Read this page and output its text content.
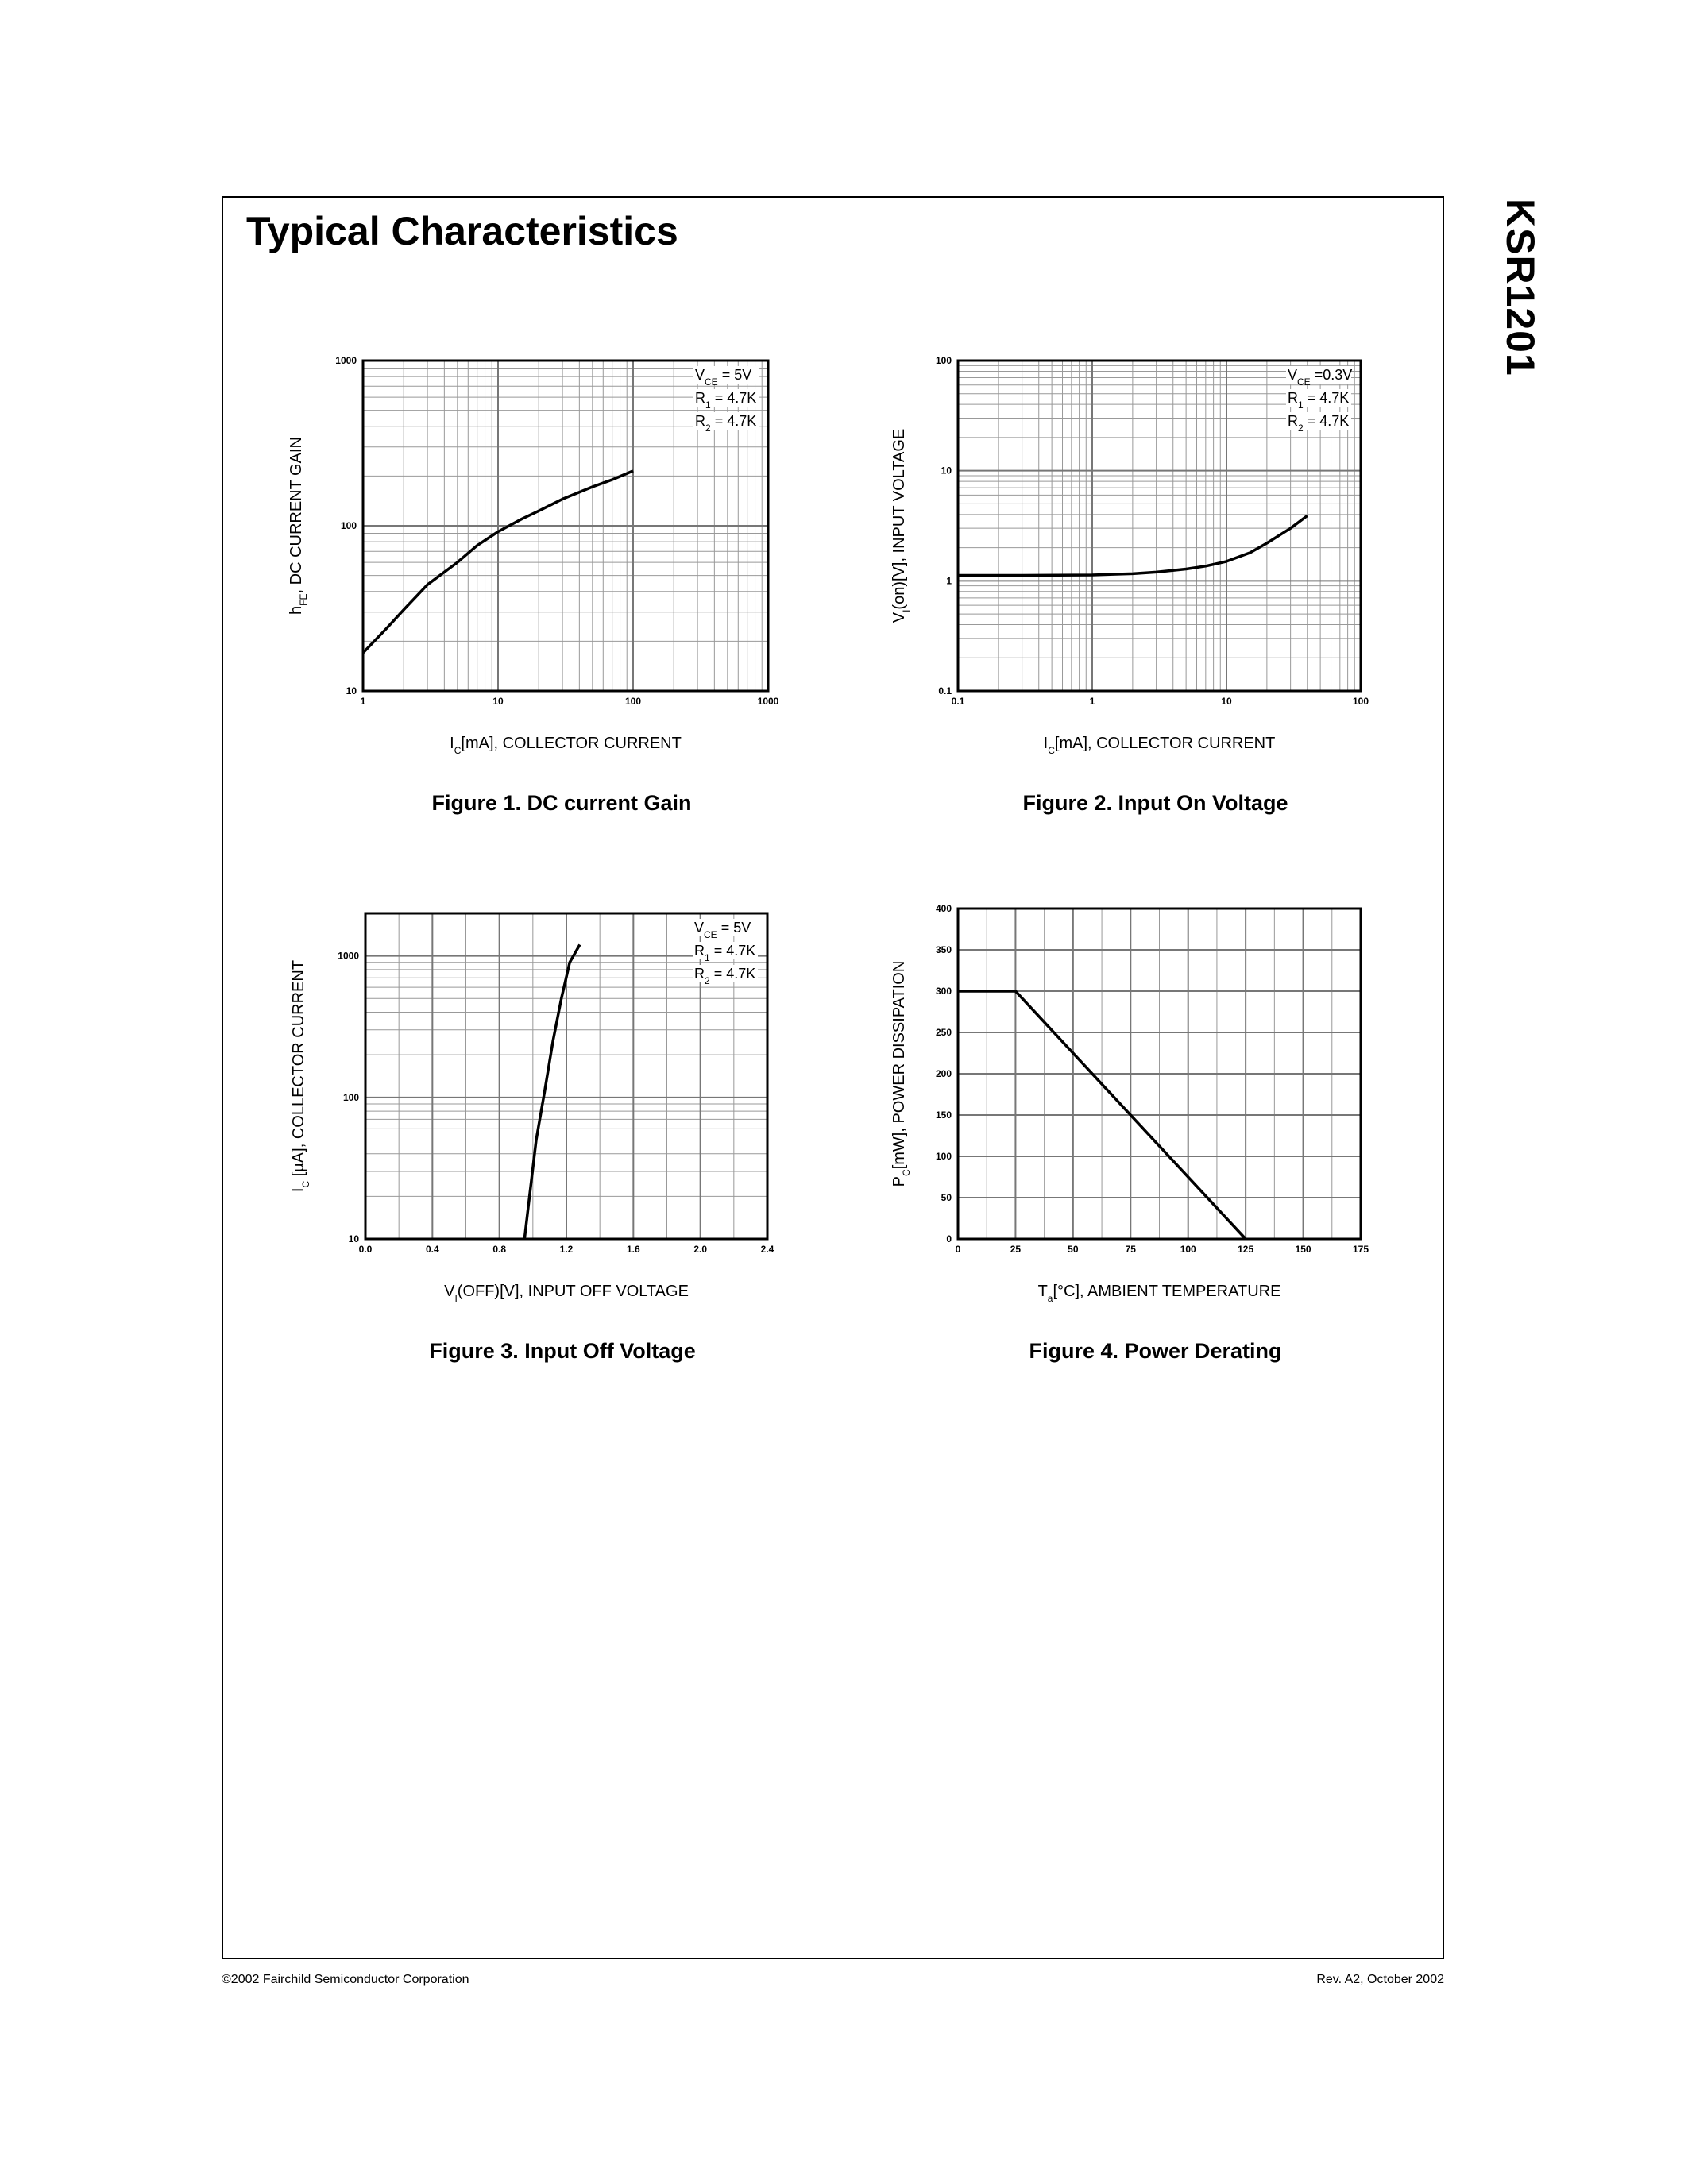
Typical Characteristics	KSR1201
1	10	100	1000
10
100
1000
$V_{CE} = 5V$
$R_1 = 4.7K$
$R_2 = 4.7K$
$h_{FE}$, DC CURRENT GAIN
$I_C[mA]$, COLLECTOR CURRENT
Figure 1. DC current Gain
0.1	1	10	100
0.1
1
10
100
$V_{CE} =0.3V$
$R_1 = 4.7K$
$R_2 = 4.7K$
$V_I(on)[V]$, INPUT VOLTAGE
$I_C[mA]$, COLLECTOR CURRENT
Figure 2. Input On Voltage
0.0	0.4	0.8	1.2	1.6	2.0	2.4
10
100
1000
$V_{CE} = 5V$
$R_1 = 4.7K$
$R_2 = 4.7K$
$I_C$ [µA], COLLECTOR CURRENT
$V_I(OFF)[V]$, INPUT OFF VOLTAGE
Figure 3. Input Off Voltage
0	25	50	75	100	125	150	175
0
50
100
150
200
250
300
350
400
$P_C[mW]$, POWER DISSIPATION
$T_a[^\circ C]$, AMBIENT TEMPERATURE
Figure 4. Power Derating
©2002 Fairchild Semiconductor Corporation	Rev. A2, October 2002
